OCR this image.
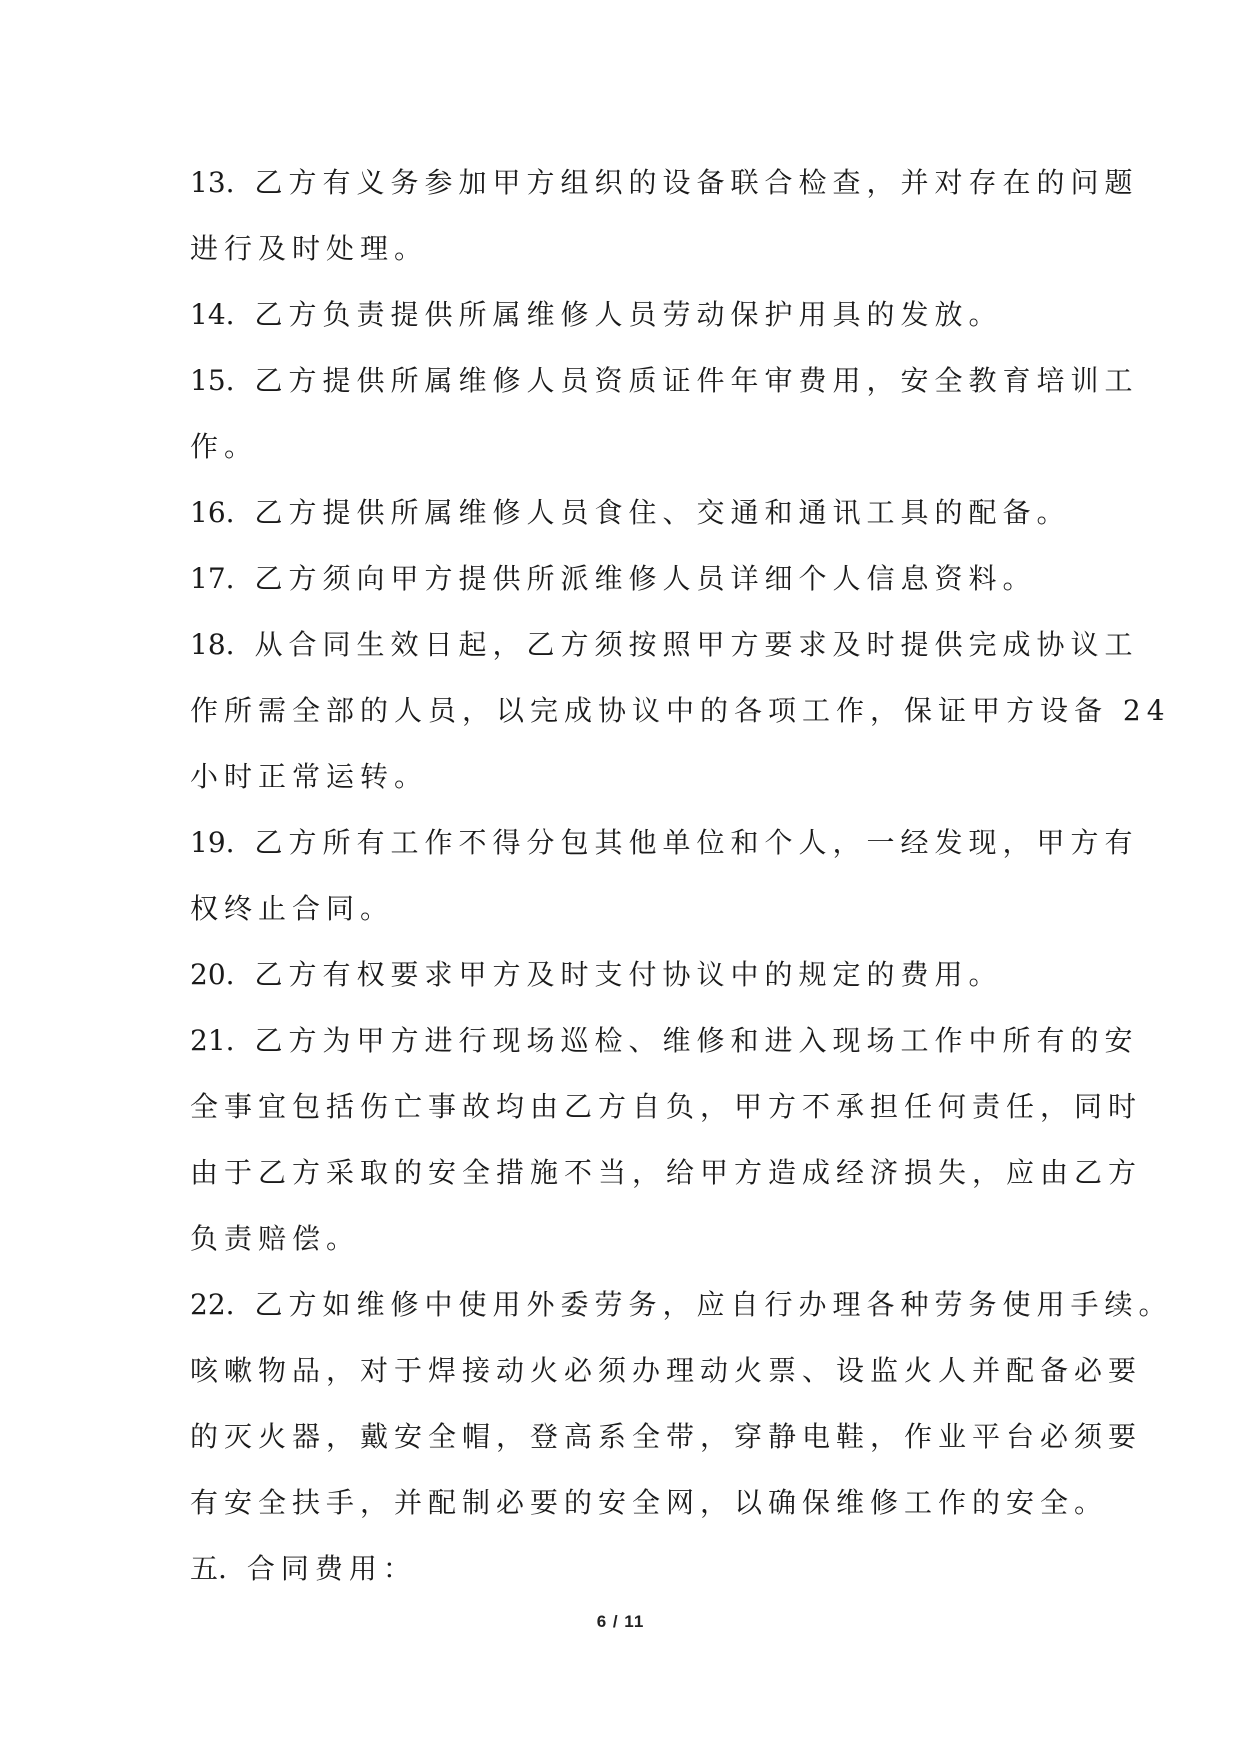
13. 乙方有义务参加甲方组织的设备联合检查，并对存在的问题
进行及时处理。
14. 乙方负责提供所属维修人员劳动保护用具的发放。
15. 乙方提供所属维修人员资质证件年审费用，安全教育培训工
作。
16. 乙方提供所属维修人员食住、交通和通讯工具的配备。
17. 乙方须向甲方提供所派维修人员详细个人信息资料。
18. 从合同生效日起，乙方须按照甲方要求及时提供完成协议工
作所需全部的人员，以完成协议中的各项工作，保证甲方设备 24
小时正常运转。
19. 乙方所有工作不得分包其他单位和个人，一经发现，甲方有
权终止合同。
20. 乙方有权要求甲方及时支付协议中的规定的费用。
21. 乙方为甲方进行现场巡检、维修和进入现场工作中所有的安
全事宜包括伤亡事故均由乙方自负，甲方不承担任何责任，同时
由于乙方采取的安全措施不当，给甲方造成经济损失，应由乙方
负责赔偿。
22. 乙方如维修中使用外委劳务，应自行办理各种劳务使用手续。
咳嗽物品，对于焊接动火必须办理动火票、设监火人并配备必要
的灭火器，戴安全帽，登高系全带，穿静电鞋，作业平台必须要
有安全扶手，并配制必要的安全网，以确保维修工作的安全。
五. 合同费用：
6 / 11
